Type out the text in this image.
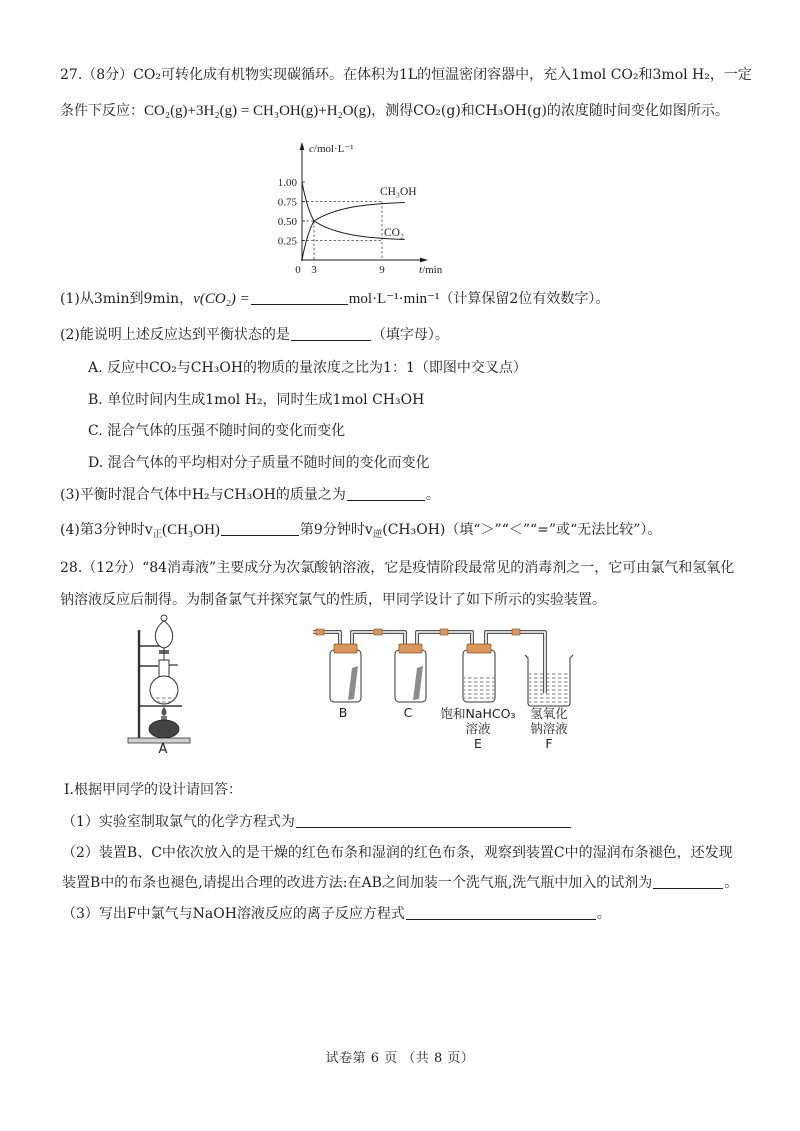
27.（8分）CO₂可转化成有机物实现碳循环。在体积为1L的恒温密闭容器中，充入1mol CO₂和3mol H₂，一定
条件下反应：CO₂(g)+3H₂(g) = CH₃OH(g)+H₂O(g)，测得CO₂(g)和CH₃OH(g)的浓度随时间变化如图所示。
1.00
0.75
0.50
0.25
0 3	9
c/mol·L⁻¹
t/min
CH₃OH
CO₂
(1)从3min到9min，v(CO₂) =	mol·L⁻¹·min⁻¹（计算保留2位有效数字）。
(2)能说明上述反应达到平衡状态的是	（填字母）。
A. 反应中CO₂与CH₃OH的物质的量浓度之比为1：1（即图中交叉点）
B. 单位时间内生成1mol H₂，同时生成1mol CH₃OH
C. 混合气体的压强不随时间的变化而变化
D. 混合气体的平均相对分子质量不随时间的变化而变化
(3)平衡时混合气体中H₂与CH₃OH的质量之为	。
(4)第3分钟时$v_正(CH_3OH)$	第9分钟时$v_逆(CH_3OH)$（填“＞”“＜”“=”或“无法比较”）。
28.（12分）“84消毒液”主要成分为次氯酸钠溶液，它是疫情阶段最常见的消毒剂之一，它可由氯气和氢氧化
钠溶液反应后制得。为制备氯气并探究氯气的性质，甲同学设计了如下所示的实验装置。
A
B	C 饱和NaHCO₃
溶液
E
氢氧化
钠溶液
F
Ⅰ.根据甲同学的设计请回答：
（1）实验室制取氯气的化学方程式为
（2）装置B、C中依次放入的是干燥的红色布条和湿润的红色布条，观察到装置C中的湿润布条褪色，还发现
装置B中的布条也褪色,请提出合理的改进方法:在AB之间加装一个洗气瓶,洗气瓶中加入的试剂为	。
（3）写出F中氯气与NaOH溶液反应的离子反应方程式	。
试卷第 6 页 （共 8 页）
